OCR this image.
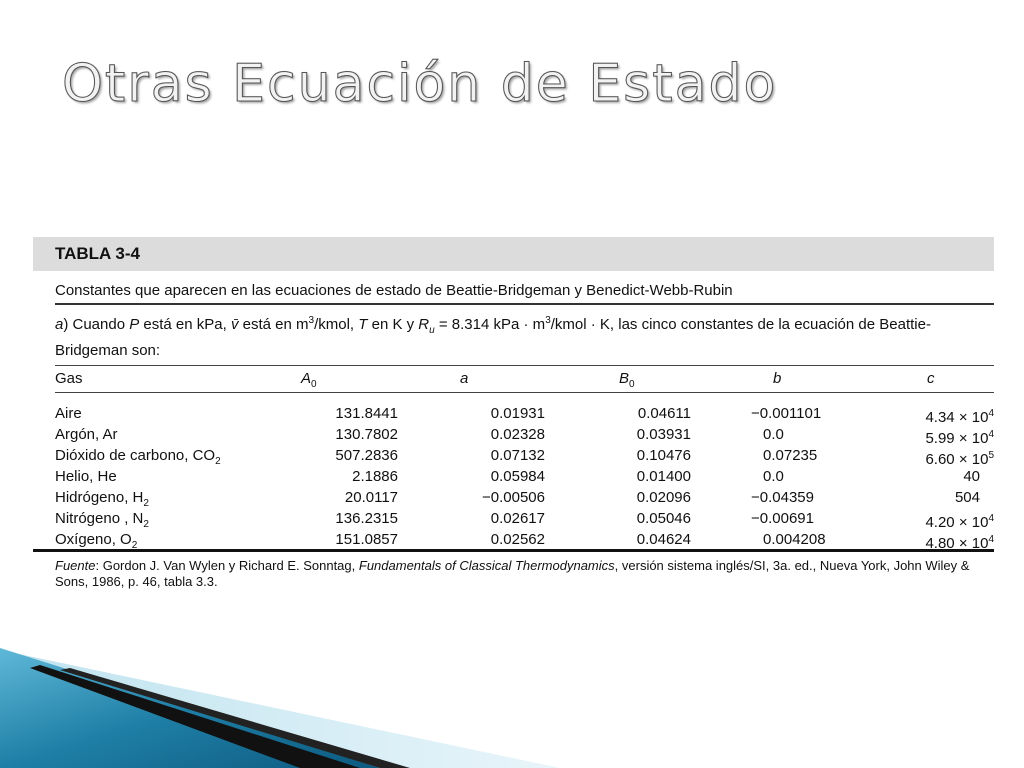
Otras Ecuación de Estado
TABLA 3-4
Constantes que aparecen en las ecuaciones de estado de Beattie-Bridgeman y Benedict-Webb-Rubin
a) Cuando P está en kPa, v̄ está en $m^3$/kmol, T en K y $R_u = 8.314$ kPa · $m^3$/kmol · K, las cinco constantes de la ecuación de Beattie-Bridgeman son:
Gas	$A_0$	a	$B_0$	b	c
Aire	131.8441	0.01931	0.04611	−0.001101	$4.34 \times 10^4$
Argón, Ar	130.7802	0.02328	0.03931	0.0	$5.99 \times 10^4$
Dióxido de carbono, $CO_2$	507.2836	0.07132	0.10476	0.07235	$6.60 \times 10^5$
Helio, He	2.1886	0.05984	0.01400	0.0	40
Hidrógeno, $H_2$	20.0117	−0.00506	0.02096	−0.04359	504
Nitrógeno , $N_2$	136.2315	0.02617	0.05046	−0.00691	$4.20 \times 10^4$
Oxígeno, $O_2$	151.0857	0.02562	0.04624	0.004208	$4.80 \times 10^4$
Fuente: Gordon J. Van Wylen y Richard E. Sonntag, Fundamentals of Classical Thermodynamics, versión sistema inglés/SI, 3a. ed., Nueva York, John Wiley & Sons, 1986, p. 46, tabla 3.3.
